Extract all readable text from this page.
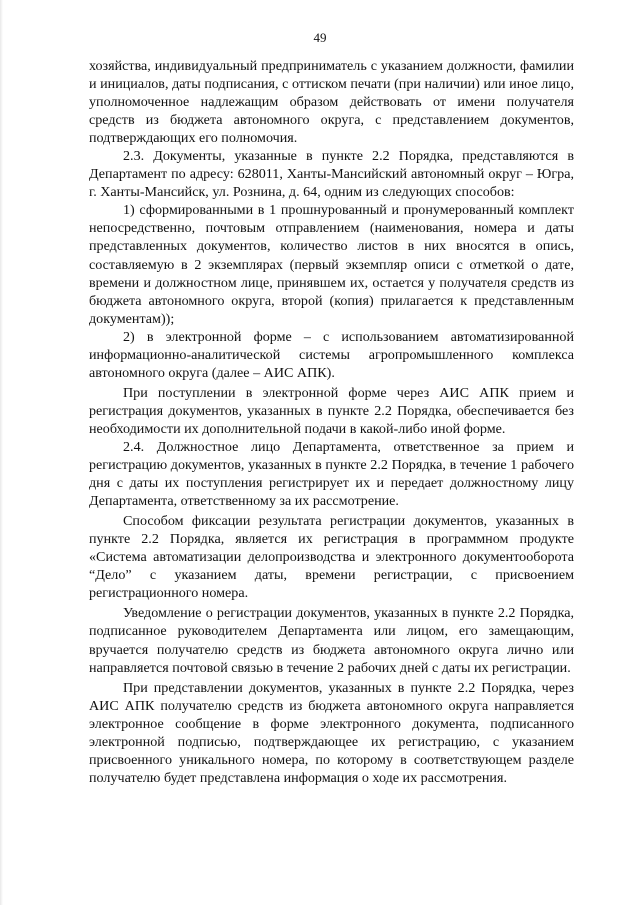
49

хозяйства, индивидуальный предприниматель с указанием должности, фамилии и инициалов, даты подписания, с оттиском печати (при наличии) или иное лицо, уполномоченное надлежащим образом действовать от имени получателя средств из бюджета автономного округа, с представлением документов, подтверждающих его полномочия.

2.3. Документы, указанные в пункте 2.2 Порядка, представляются в Департамент по адресу: 628011, Ханты-Мансийский автономный округ – Югра, г. Ханты-Мансийск, ул. Рознина, д. 64, одним из следующих способов:

1) сформированными в 1 прошнурованный и пронумерованный комплект непосредственно, почтовым отправлением (наименования, номера и даты представленных документов, количество листов в них вносятся в опись, составляемую в 2 экземплярах (первый экземпляр описи с отметкой о дате, времени и должностном лице, принявшем их, остается у получателя средств из бюджета автономного округа, второй (копия) прилагается к представленным документам));

2) в электронной форме – с использованием автоматизированной информационно-аналитической системы агропромышленного комплекса автономного округа (далее – АИС АПК).

При поступлении в электронной форме через АИС АПК прием и регистрация документов, указанных в пункте 2.2 Порядка, обеспечивается без необходимости их дополнительной подачи в какой-либо иной форме.

2.4. Должностное лицо Департамента, ответственное за прием и регистрацию документов, указанных в пункте 2.2 Порядка, в течение 1 рабочего дня с даты их поступления регистрирует их и передает должностному лицу Департамента, ответственному за их рассмотрение.

Способом фиксации результата регистрации документов, указанных в пункте 2.2 Порядка, является их регистрация в программном продукте «Система автоматизации делопроизводства и электронного документооборота “Дело” с указанием даты, времени регистрации, с присвоением регистрационного номера.

Уведомление о регистрации документов, указанных в пункте 2.2 Порядка, подписанное руководителем Департамента или лицом, его замещающим, вручается получателю средств из бюджета автономного округа лично или направляется почтовой связью в течение 2 рабочих дней с даты их регистрации.

При представлении документов, указанных в пункте 2.2 Порядка, через АИС АПК получателю средств из бюджета автономного округа направляется электронное сообщение в форме электронного документа, подписанного электронной подписью, подтверждающее их регистрацию, с указанием присвоенного уникального номера, по которому в соответствующем разделе получателю будет представлена информация о ходе их рассмотрения.
